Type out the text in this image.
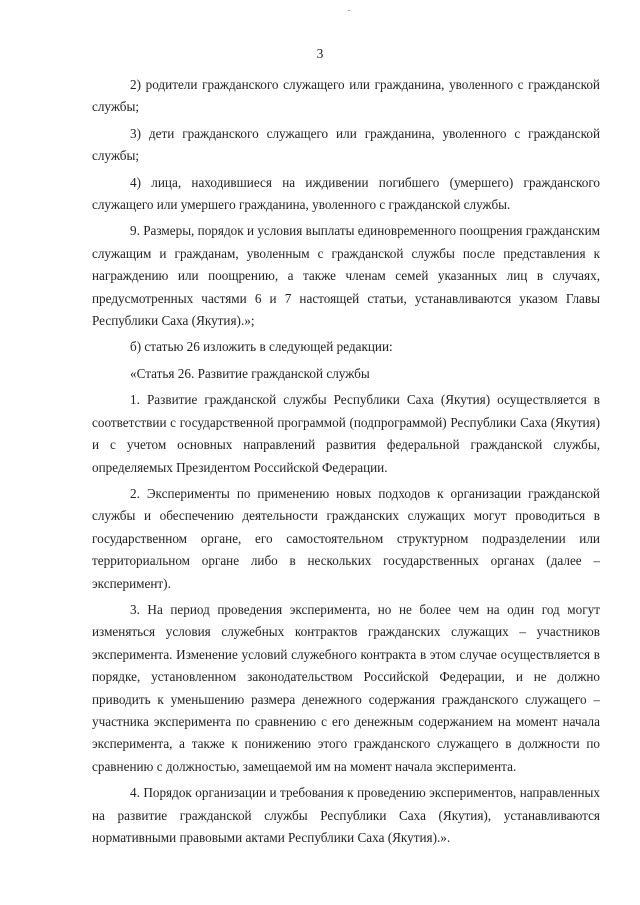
3

2) родители гражданского служащего или гражданина, уволенного с гражданской службы;

3) дети гражданского служащего или гражданина, уволенного с гражданской службы;

4) лица, находившиеся на иждивении погибшего (умершего) гражданского служащего или умершего гражданина, уволенного с гражданской службы.

9. Размеры, порядок и условия выплаты единовременного поощрения гражданским служащим и гражданам, уволенным с гражданской службы после представления к награждению или поощрению, а также членам семей указанных лиц в случаях, предусмотренных частями 6 и 7 настоящей статьи, устанавливаются указом Главы Республики Саха (Якутия).»;

б) статью 26 изложить в следующей редакции:

«Статья 26. Развитие гражданской службы

1. Развитие гражданской службы Республики Саха (Якутия) осуществляется в соответствии с государственной программой (подпрограммой) Республики Саха (Якутия) и с учетом основных направлений развития федеральной гражданской службы, определяемых Президентом Российской Федерации.

2. Эксперименты по применению новых подходов к организации гражданской службы и обеспечению деятельности гражданских служащих могут проводиться в государственном органе, его самостоятельном структурном подразделении или территориальном органе либо в нескольких государственных органах (далее – эксперимент).

3. На период проведения эксперимента, но не более чем на один год могут изменяться условия служебных контрактов гражданских служащих – участников эксперимента. Изменение условий служебного контракта в этом случае осуществляется в порядке, установленном законодательством Российской Федерации, и не должно приводить к уменьшению размера денежного содержания гражданского служащего – участника эксперимента по сравнению с его денежным содержанием на момент начала эксперимента, а также к понижению этого гражданского служащего в должности по сравнению с должностью, замещаемой им на момент начала эксперимента.

4. Порядок организации и требования к проведению экспериментов, направленных на развитие гражданской службы Республики Саха (Якутия), устанавливаются нормативными правовыми актами Республики Саха (Якутия).».
